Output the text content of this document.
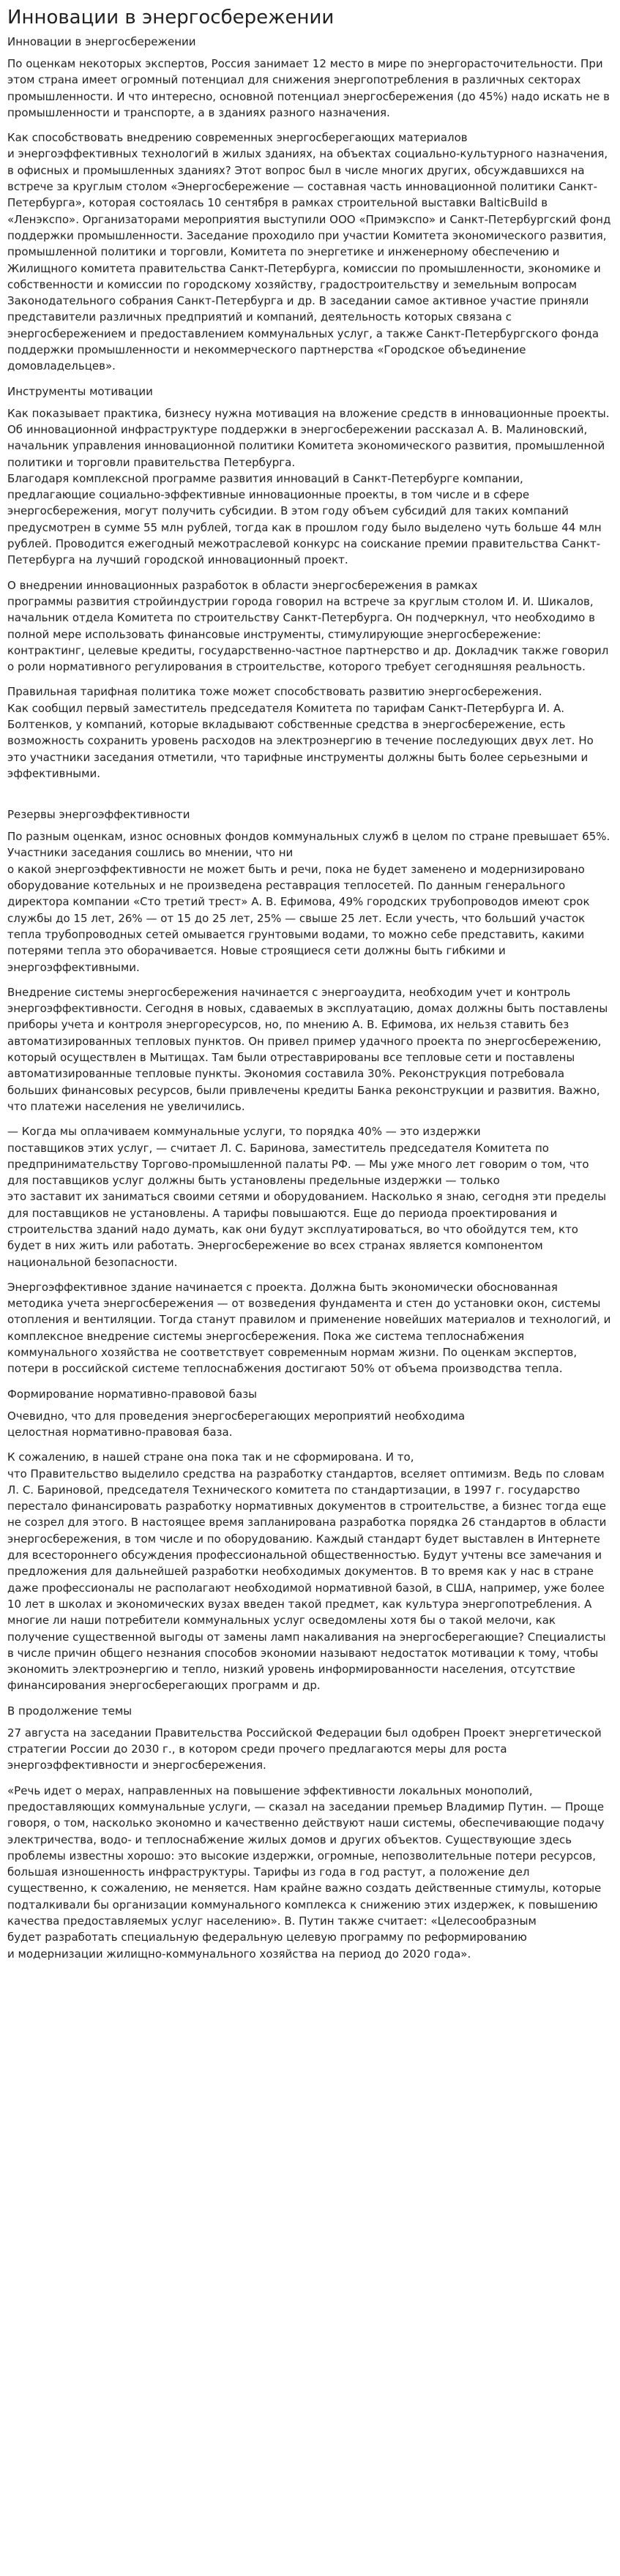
Инновации в энергосбережении
Инновации в энергосбережении

По оценкам некоторых экспертов, Россия занимает 12 место в мире по энергорасточительности. При этом страна имеет огромный потенциал для снижения энергопотребления в различных секторах промышленности. И что интересно, основной потенциал энергосбережения (до 45%) надо искать не в промышленности и транспорте, а в зданиях разного назначения.

Как способствовать внедрению современных энергосберегающих материалов
и энергоэффективных технологий в жилых зданиях, на объектах социально-культурного назначения, в офисных и промышленных зданиях? Этот вопрос был в числе многих других, обсуждавшихся на встрече за круглым столом «Энергосбережение — составная часть инновационной политики Санкт-Петербурга», которая состоялась 10 сентября в рамках строительной выставки BalticBuild в «Ленэкспо». Организаторами мероприятия выступили ООО «Примэкспо» и Санкт-Петербургский фонд поддержки промышленности. Заседание проходило при участии Комитета экономического развития, промышленной политики и торговли, Комитета по энергетике и инженерному обеспечению и Жилищного комитета правительства Санкт-Петербурга, комиссии по промышленности, экономике и собственности и комиссии по городскому хозяйству, градостроительству и земельным вопросам Законодательного собрания Санкт-Петербурга и др. В заседании самое активное участие приняли представители различных предприятий и компаний, деятельность которых связана с энергосбережением и предоставлением коммунальных услуг, а также Санкт-Петербургского фонда поддержки промышленности и некоммерческого партнерства «Городское объединение домовладельцев».

Инструменты мотивации

Как показывает практика, бизнесу нужна мотивация на вложение средств в инновационные проекты. Об инновационной инфраструктуре поддержки в энергосбережении рассказал А. В. Малиновский, начальник управления инновационной политики Комитета экономического развития, промышленной политики и торговли правительства Петербурга.
Благодаря комплексной программе развития инноваций в Санкт-Петербурге компании, предлагающие социально-эффективные инновационные проекты, в том числе и в сфере энергосбережения, могут получить субсидии. В этом году объем субсидий для таких компаний предусмотрен в сумме 55 млн рублей, тогда как в прошлом году было выделено чуть больше 44 млн рублей. Проводится ежегодный межотраслевой конкурс на соискание премии правительства Санкт-Петербурга на лучший городской инновационный проект.

О внедрении инновационных разработок в области энергосбережения в рамках
программы развития стройиндустрии города говорил на встрече за круглым столом И. И. Шикалов, начальник отдела Комитета по строительству Санкт-Петербурга. Он подчеркнул, что необходимо в полной мере использовать финансовые инструменты, стимулирующие энергосбережение: контрактинг, целевые кредиты, государственно-частное партнерство и др. Докладчик также говорил о роли нормативного регулирования в строительстве, которого требует сегодняшняя реальность.

Правильная тарифная политика тоже может способствовать развитию энергосбережения.
Как сообщил первый заместитель председателя Комитета по тарифам Санкт-Петербурга И. А. Болтенков, у компаний, которые вкладывают собственные средства в энергосбережение, есть возможность сохранить уровень расходов на электроэнергию в течение последующих двух лет. Но это участники заседания отметили, что тарифные инструменты должны быть более серьезными и эффективными.

Резервы энергоэффективности

По разным оценкам, износ основных фондов коммунальных служб в целом по стране превышает 65%. Участники заседания сошлись во мнении, что ни
о какой энергоэффективности не может быть и речи, пока не будет заменено и модернизировано оборудование котельных и не произведена реставрация теплосетей. По данным генерального директора компании «Сто третий трест» А. В. Ефимова, 49% городских трубопроводов имеют срок службы до 15 лет, 26% — от 15 до 25 лет, 25% — свыше 25 лет. Если учесть, что больший участок тепла трубопроводных сетей омывается грунтовыми водами, то можно себе представить, какими потерями тепла это оборачивается. Новые строящиеся сети должны быть гибкими и энергоэффективными.

Внедрение системы энергосбережения начинается с энергоаудита, необходим учет и контроль энергоэффективности. Сегодня в новых, сдаваемых в эксплуатацию, домах должны быть поставлены приборы учета и контроля энергоресурсов, но, по мнению А. В. Ефимова, их нельзя ставить без автоматизированных тепловых пунктов. Он привел пример удачного проекта по энергосбережению, который осуществлен в Мытищах. Там были отреставрированы все тепловые сети и поставлены автоматизированные тепловые пункты. Экономия составила 30%. Реконструкция потребовала больших финансовых ресурсов, были привлечены кредиты Банка реконструкции и развития. Важно, что платежи населения не увеличились.

— Когда мы оплачиваем коммунальные услуги, то порядка 40% — это издержки
поставщиков этих услуг, — считает Л. С. Баринова, заместитель председателя Комитета по предпринимательству Торгово-промышленной палаты РФ. — Мы уже много лет говорим о том, что для поставщиков услуг должны быть установлены предельные издержки — только
это заставит их заниматься своими сетями и оборудованием. Насколько я знаю, сегодня эти пределы для поставщиков не установлены. А тарифы повышаются. Еще до периода проектирования и строительства зданий надо думать, как они будут эксплуатироваться, во что обойдутся тем, кто будет в них жить или работать. Энергосбережение во всех странах является компонентом национальной безопасности.

Энергоэффективное здание начинается с проекта. Должна быть экономически обоснованная методика учета энергосбережения — от возведения фундамента и стен до установки окон, системы отопления и вентиляции. Тогда станут правилом и применение новейших материалов и технологий, и комплексное внедрение системы энергосбережения. Пока же система теплоснабжения коммунального хозяйства не соответствует современным нормам жизни. По оценкам экспертов, потери в российской системе теплоснабжения достигают 50% от объема производства тепла.

Формирование нормативно-правовой базы

Очевидно, что для проведения энергосберегающих мероприятий необходима
целостная нормативно-правовая база.

К сожалению, в нашей стране она пока так и не сформирована. И то,
что Правительство выделило средства на разработку стандартов, вселяет оптимизм. Ведь по словам Л. С. Бариновой, председателя Технического комитета по стандартизации, в 1997 г. государство перестало финансировать разработку нормативных документов в строительстве, а бизнес тогда еще не созрел для этого. В настоящее время запланирована разработка порядка 26 стандартов в области энергосбережения, в том числе и по оборудованию. Каждый стандарт будет выставлен в Интернете для всестороннего обсуждения профессиональной общественностью. Будут учтены все замечания и предложения для дальнейшей разработки необходимых документов. В то время как у нас в стране даже профессионалы не располагают необходимой нормативной базой, в США, например, уже более 10 лет в школах и экономических вузах введен такой предмет, как культура энергопотребления. А многие ли наши потребители коммунальных услуг осведомлены хотя бы о такой мелочи, как получение существенной выгоды от замены ламп накаливания на энергосберегающие? Специалисты в числе причин общего незнания способов экономии называют недостаток мотивации к тому, чтобы экономить электроэнергию и тепло, низкий уровень информированности населения, отсутствие финансирования энергосберегающих программ и др.

В продолжение темы

27 августа на заседании Правительства Российской Федерации был одобрен Проект энергетической стратегии России до 2030 г., в котором среди прочего предлагаются меры для роста энергоэффективности и энергосбережения.

«Речь идет о мерах, направленных на повышение эффективности локальных монополий, предоставляющих коммунальные услуги, — сказал на заседании премьер Владимир Путин. — Проще говоря, о том, насколько экономно и качественно действуют наши системы, обеспечивающие подачу электричества, водо- и теплоснабжение жилых домов и других объектов. Существующие здесь проблемы известны хорошо: это высокие издержки, огромные, непозволительные потери ресурсов, большая изношенность инфраструктуры. Тарифы из года в год растут, а положение дел существенно, к сожалению, не меняется. Нам крайне важно создать действенные стимулы, которые подталкивали бы организации коммунального комплекса к снижению этих издержек, к повышению качества предоставляемых услуг населению». В. Путин также считает: «Целесообразным
будет разработать специальную федеральную целевую программу по реформированию
и модернизации жилищно-коммунального хозяйства на период до 2020 года».
